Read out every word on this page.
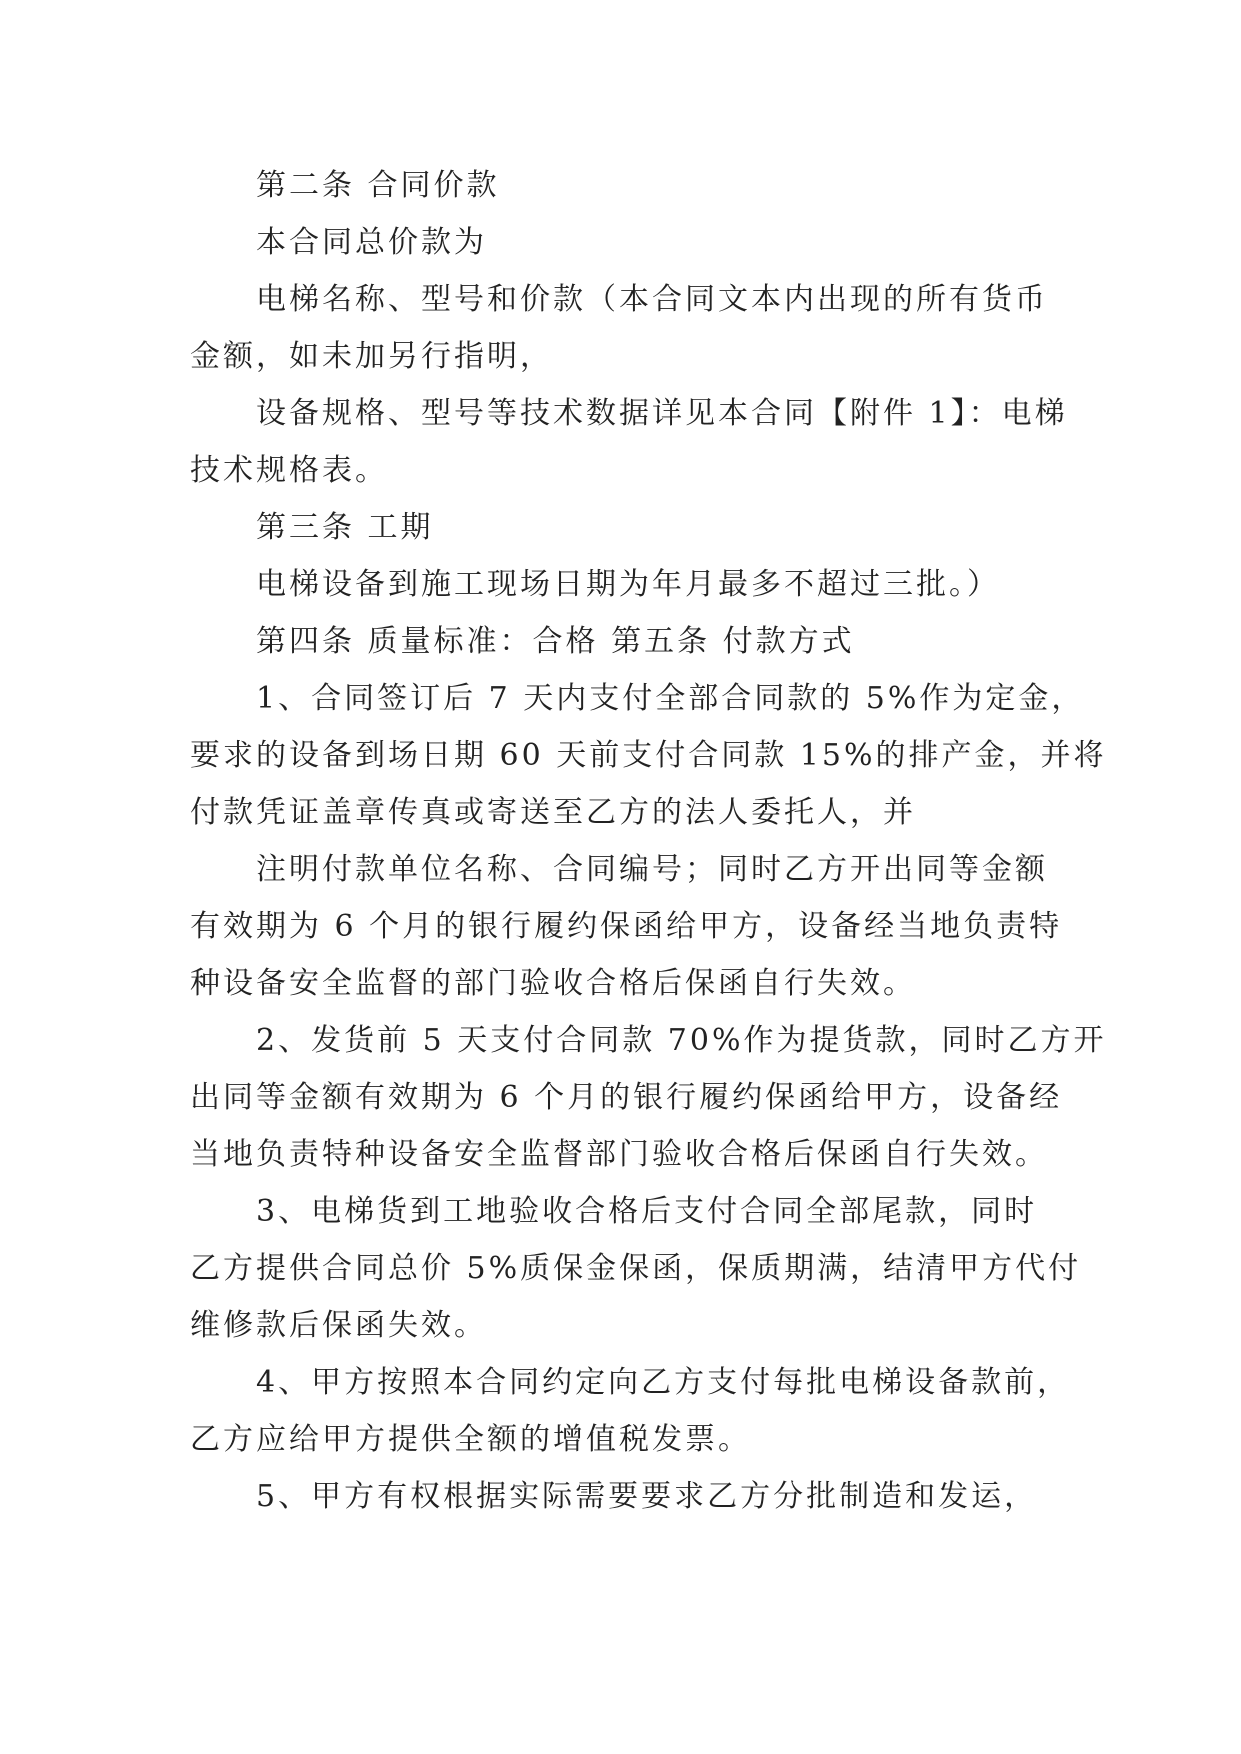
第二条 合同价款

本合同总价款为

电梯名称、型号和价款（本合同文本内出现的所有货币

金额，如未加另行指明，

设备规格、型号等技术数据详见本合同【附件 1】：电梯

技术规格表。

第三条 工期

电梯设备到施工现场日期为年月最多不超过三批。）

第四条 质量标准：合格 第五条 付款方式

1、合同签订后 7 天内支付全部合同款的 5%作为定金，

要求的设备到场日期 60 天前支付合同款 15%的排产金，并将

付款凭证盖章传真或寄送至乙方的法人委托人，并

注明付款单位名称、合同编号；同时乙方开出同等金额

有效期为 6 个月的银行履约保函给甲方，设备经当地负责特

种设备安全监督的部门验收合格后保函自行失效。

2、发货前 5 天支付合同款 70%作为提货款，同时乙方开

出同等金额有效期为 6 个月的银行履约保函给甲方，设备经

当地负责特种设备安全监督部门验收合格后保函自行失效。

3、电梯货到工地验收合格后支付合同全部尾款，同时

乙方提供合同总价 5%质保金保函，保质期满，结清甲方代付

维修款后保函失效。

4、甲方按照本合同约定向乙方支付每批电梯设备款前，

乙方应给甲方提供全额的增值税发票。

5、甲方有权根据实际需要要求乙方分批制造和发运，
